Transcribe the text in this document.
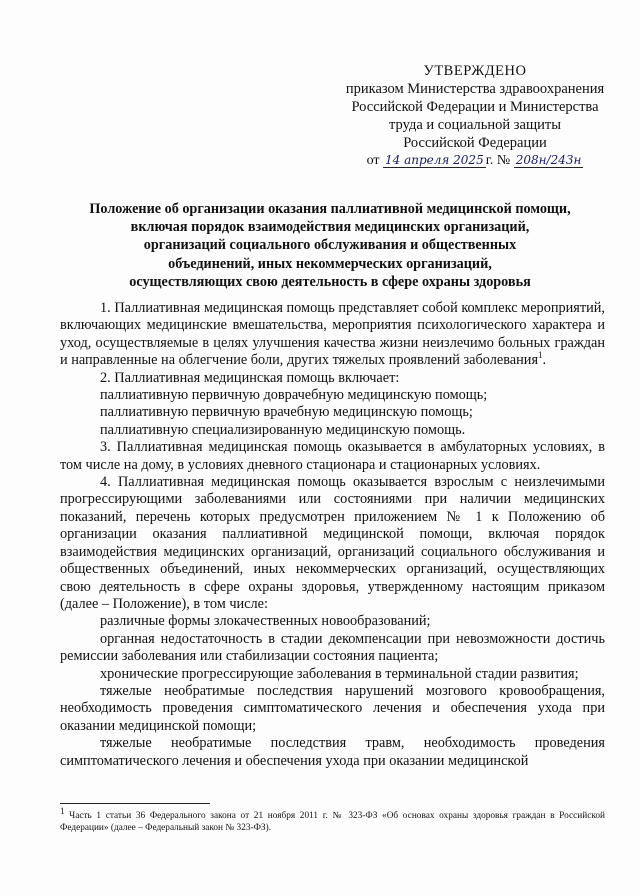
УТВЕРЖДЕНО
приказом Министерства здравоохранения
Российской Федерации и Министерства
труда и социальной защиты
Российской Федерации
от 14 апреля 2025 г. № 208н/243н
Положение об организации оказания паллиативной медицинской помощи,
включая порядок взаимодействия медицинских организаций,
организаций социального обслуживания и общественных
объединений, иных некоммерческих организаций,
осуществляющих свою деятельность в сфере охраны здоровья

1. Паллиативная медицинская помощь представляет собой комплекс мероприятий, включающих медицинские вмешательства, мероприятия психологического характера и уход, осуществляемые в целях улучшения качества жизни неизлечимо больных граждан и направленные на облегчение боли, других тяжелых проявлений заболевания$^1$.

2. Паллиативная медицинская помощь включает:

паллиативную первичную доврачебную медицинскую помощь;

паллиативную первичную врачебную медицинскую помощь;

паллиативную специализированную медицинскую помощь.

3. Паллиативная медицинская помощь оказывается в амбулаторных условиях, в том числе на дому, в условиях дневного стационара и стационарных условиях.

4. Паллиативная медицинская помощь оказывается взрослым с неизлечимыми прогрессирующими заболеваниями или состояниями при наличии медицинских показаний, перечень которых предусмотрен приложением № 1 к Положению об организации оказания паллиативной медицинской помощи, включая порядок взаимодействия медицинских организаций, организаций социального обслуживания и общественных объединений, иных некоммерческих организаций, осуществляющих свою деятельность в сфере охраны здоровья, утвержденному настоящим приказом (далее – Положение), в том числе:

различные формы злокачественных новообразований;

органная недостаточность в стадии декомпенсации при невозможности достичь ремиссии заболевания или стабилизации состояния пациента;

хронические прогрессирующие заболевания в терминальной стадии развития;

тяжелые необратимые последствия нарушений мозгового кровообращения, необходимость проведения симптоматического лечения и обеспечения ухода при оказании медицинской помощи;

тяжелые необратимые последствия травм, необходимость проведения симптоматического лечения и обеспечения ухода при оказании медицинской

$^1$ Часть 1 статьи 36 Федерального закона от 21 ноября 2011 г. № 323-ФЗ «Об основах охраны здоровья граждан в Российской Федерации» (далее – Федеральный закон № 323-ФЗ).
